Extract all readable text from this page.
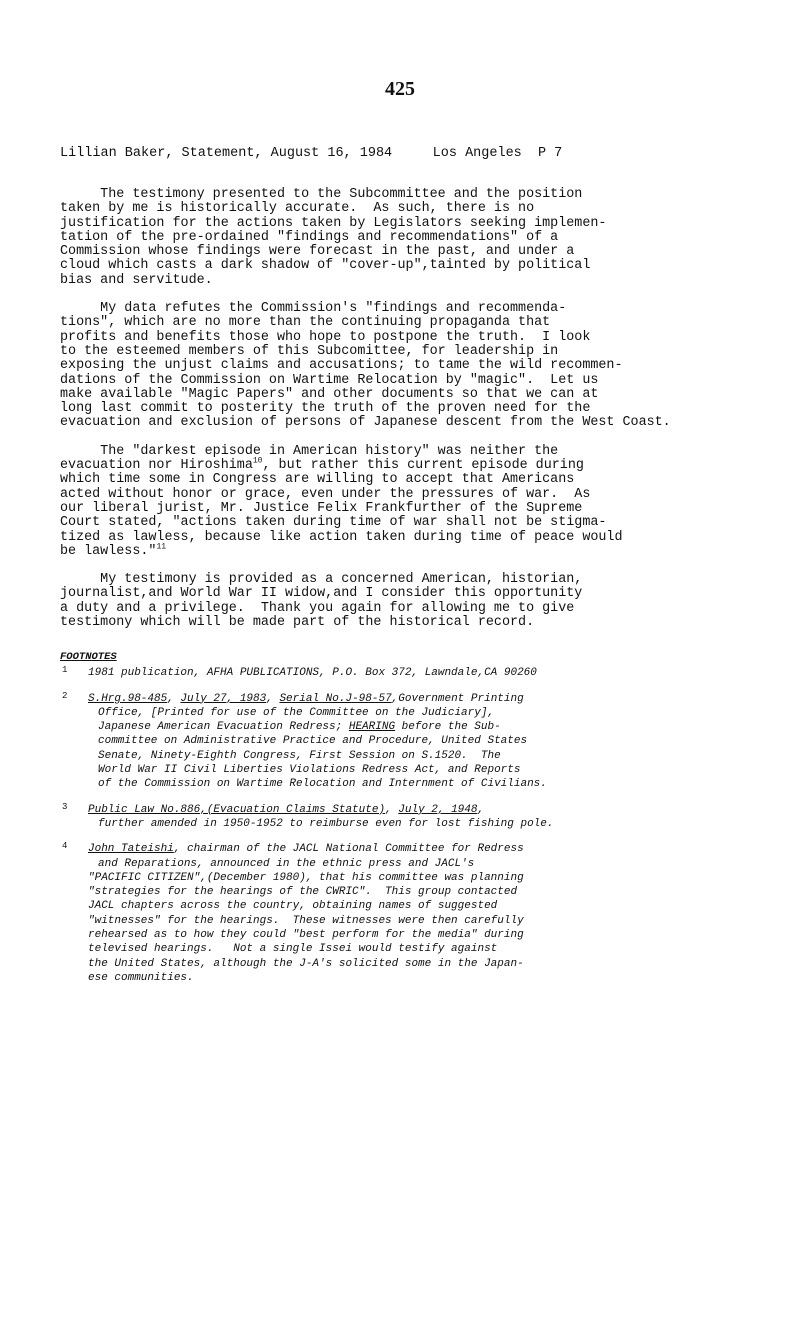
425
Lillian Baker, Statement, August 16, 1984     Los Angeles  P 7

The testimony presented to the Subcommittee and the position
taken by me is historically accurate.  As such, there is no
justification for the actions taken by Legislators seeking implemen-
tation of the pre-ordained "findings and recommendations" of a
Commission whose findings were forecast in the past, and under a
cloud which casts a dark shadow of "cover-up",tainted by political
bias and servitude.

My data refutes the Commission's "findings and recommenda-
tions", which are no more than the continuing propaganda that
profits and benefits those who hope to postpone the truth.  I look
to the esteemed members of this Subcomittee, for leadership in
exposing the unjust claims and accusations; to tame the wild recommen-
dations of the Commission on Wartime Relocation by "magic".  Let us
make available "Magic Papers" and other documents so that we can at
long last commit to posterity the truth of the proven need for the
evacuation and exclusion of persons of Japanese descent from the West Coast.

The "darkest episode in American history" was neither the
evacuation nor Hiroshima$^{10}$, but rather this current episode during
which time some in Congress are willing to accept that Americans
acted without honor or grace, even under the pressures of war.  As
our liberal jurist, Mr. Justice Felix Frankfurther of the Supreme
Court stated, "actions taken during time of war shall not be stigma-
tized as lawless, because like action taken during time of peace would
be lawless."$^{11}$

My testimony is provided as a concerned American, historian,
journalist,and World War II widow,and I consider this opportunity
a duty and a privilege.  Thank you again for allowing me to give
testimony which will be made part of the historical record.

FOOTNOTES
1 1981 publication, AFHA PUBLICATIONS, P.O. Box 372, Lawndale,CA 90260
2 S.Hrg.98-485, July 27, 1983, Serial No.J-98-57,Government Printing
Office, [Printed for use of the Committee on the Judiciary],
Japanese American Evacuation Redress; HEARING before the Sub-
committee on Administrative Practice and Procedure, United States
Senate, Ninety-Eighth Congress, First Session on S.1520.  The
World War II Civil Liberties Violations Redress Act, and Reports
of the Commission on Wartime Relocation and Internment of Civilians.
3 Public Law No.886,(Evacuation Claims Statute), July 2, 1948,
further amended in 1950-1952 to reimburse even for lost fishing pole.
4 John Tateishi, chairman of the JACL National Committee for Redress
and Reparations, announced in the ethnic press and JACL's
"PACIFIC CITIZEN",(December 1980), that his committee was planning
"strategies for the hearings of the CWRIC".  This group contacted
JACL chapters across the country, obtaining names of suggested
"witnesses" for the hearings.  These witnesses were then carefully
rehearsed as to how they could "best perform for the media" during
televised hearings.   Not a single Issei would testify against
the United States, although the J-A's solicited some in the Japan-
ese communities.
